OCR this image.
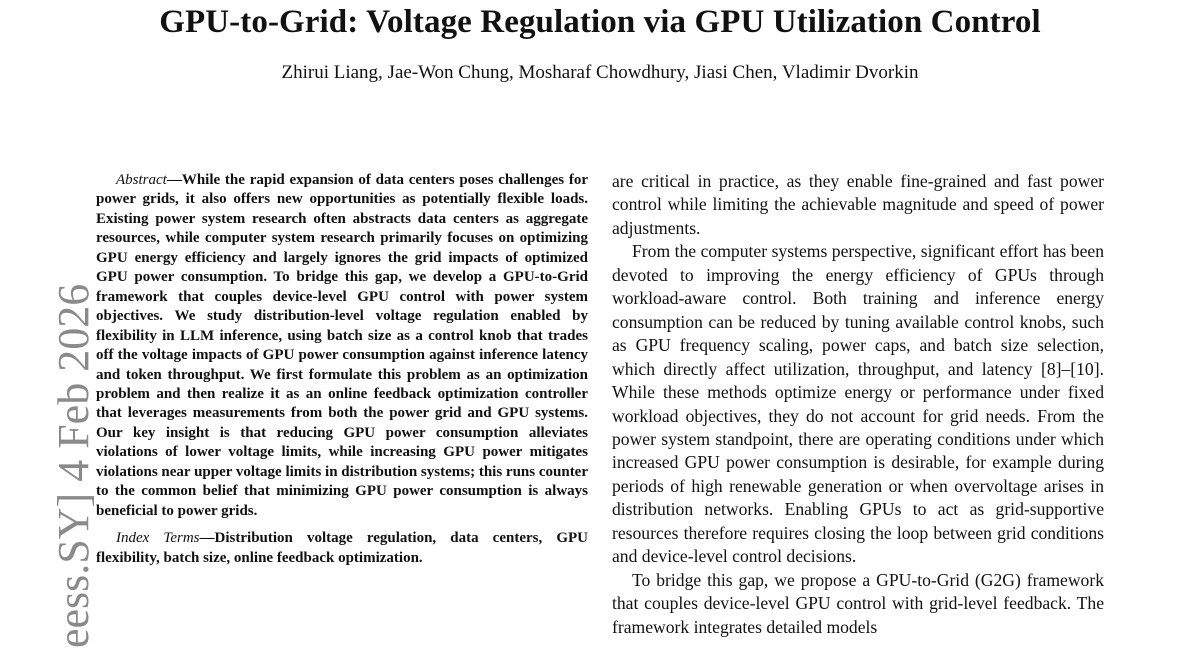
GPU-to-Grid: Voltage Regulation via GPU Utilization Control
Zhirui Liang, Jae-Won Chung, Mosharaf Chowdhury, Jiasi Chen, Vladimir Dvorkin
eess.SY] 4 Feb 2026

Abstract—While the rapid expansion of data centers poses challenges for power grids, it also offers new opportunities as potentially flexible loads. Existing power system research often abstracts data centers as aggregate resources, while computer system research primarily focuses on optimizing GPU energy efficiency and largely ignores the grid impacts of optimized GPU power consumption. To bridge this gap, we develop a GPU-to-Grid framework that couples device-level GPU control with power system objectives. We study distribution-level voltage regulation enabled by flexibility in LLM inference, using batch size as a control knob that trades off the voltage impacts of GPU power consumption against inference latency and token throughput. We first formulate this problem as an optimization problem and then realize it as an online feedback optimization controller that leverages measurements from both the power grid and GPU systems. Our key insight is that reducing GPU power consumption alleviates violations of lower voltage limits, while increasing GPU power mitigates violations near upper voltage limits in distribution systems; this runs counter to the common belief that minimizing GPU power consumption is always beneficial to power grids.

Index Terms—Distribution voltage regulation, data centers, GPU flexibility, batch size, online feedback optimization.

are critical in practice, as they enable fine-grained and fast power control while limiting the achievable magnitude and speed of power adjustments.

From the computer systems perspective, significant effort has been devoted to improving the energy efficiency of GPUs through workload-aware control. Both training and inference energy consumption can be reduced by tuning available control knobs, such as GPU frequency scaling, power caps, and batch size selection, which directly affect utilization, throughput, and latency [8]–[10]. While these methods optimize energy or performance under fixed workload objectives, they do not account for grid needs. From the power system standpoint, there are operating conditions under which increased GPU power consumption is desirable, for example during periods of high renewable generation or when overvoltage arises in distribution networks. Enabling GPUs to act as grid-supportive resources therefore requires closing the loop between grid conditions and device-level control decisions.

To bridge this gap, we propose a GPU-to-Grid (G2G) framework that couples device-level GPU control with grid-level feedback. The framework integrates detailed models
